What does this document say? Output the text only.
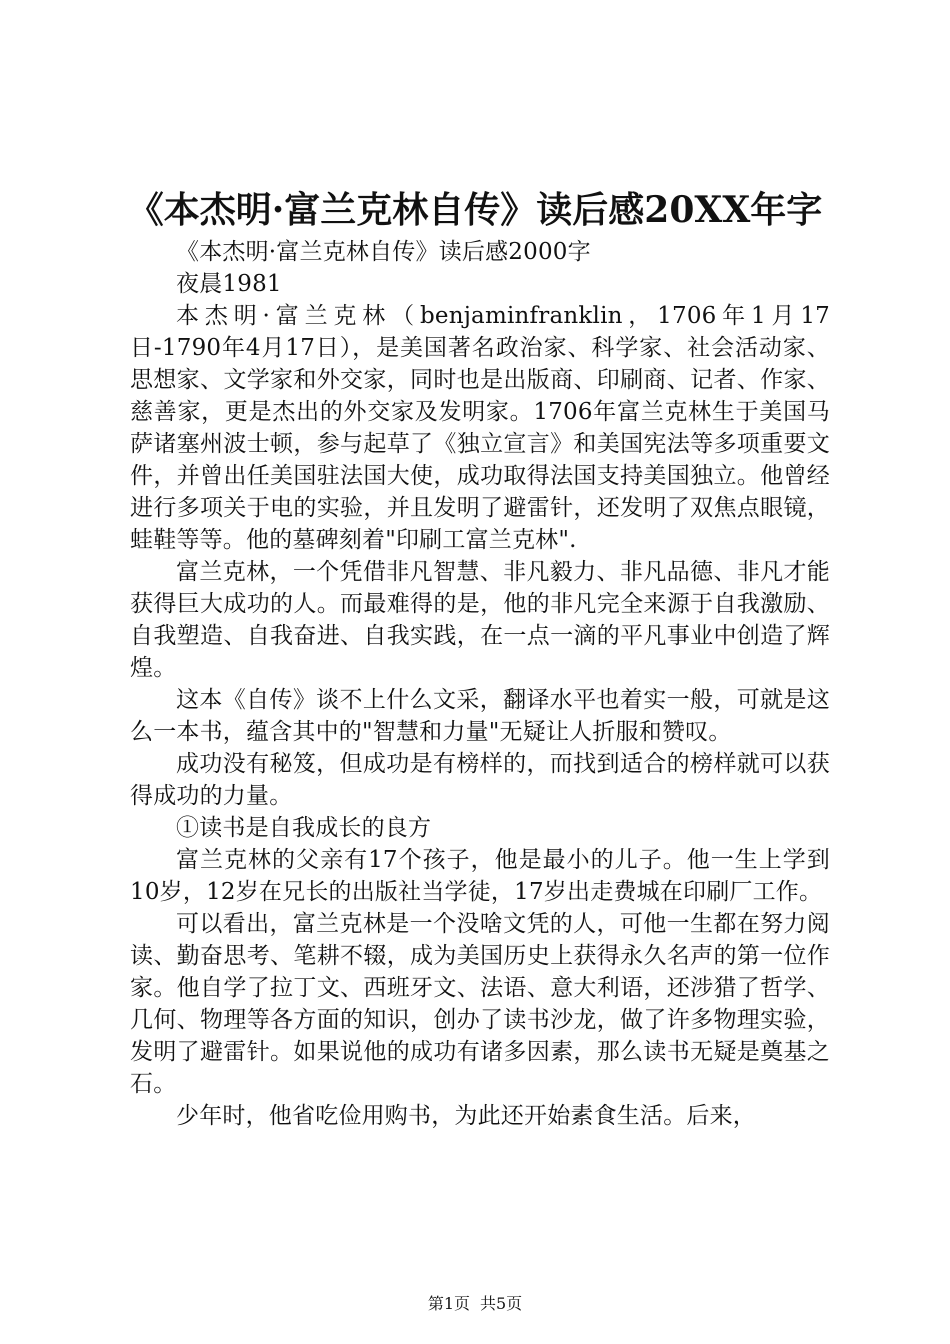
《本杰明·富兰克林自传》读后感20XX年字

《本杰明·富兰克林自传》读后感2000字

夜晨1981

本杰明·富兰克林（benjaminfranklin，1706年1月17日-1790年4月17日），是美国著名政治家、科学家、社会活动家、思想家、文学家和外交家，同时也是出版商、印刷商、记者、作家、慈善家，更是杰出的外交家及发明家。1706年富兰克林生于美国马萨诸塞州波士顿，参与起草了《独立宣言》和美国宪法等多项重要文件，并曾出任美国驻法国大使，成功取得法国支持美国独立。他曾经进行多项关于电的实验，并且发明了避雷针，还发明了双焦点眼镜，蛙鞋等等。他的墓碑刻着"印刷工富兰克林".

富兰克林，一个凭借非凡智慧、非凡毅力、非凡品德、非凡才能获得巨大成功的人。而最难得的是，他的非凡完全来源于自我激励、自我塑造、自我奋进、自我实践，在一点一滴的平凡事业中创造了辉煌。

这本《自传》谈不上什么文采，翻译水平也着实一般，可就是这么一本书，蕴含其中的"智慧和力量"无疑让人折服和赞叹。

成功没有秘笈，但成功是有榜样的，而找到适合的榜样就可以获得成功的力量。

①读书是自我成长的良方

富兰克林的父亲有17个孩子，他是最小的儿子。他一生上学到10岁，12岁在兄长的出版社当学徒，17岁出走费城在印刷厂工作。

可以看出，富兰克林是一个没啥文凭的人，可他一生都在努力阅读、勤奋思考、笔耕不辍，成为美国历史上获得永久名声的第一位作家。他自学了拉丁文、西班牙文、法语、意大利语，还涉猎了哲学、几何、物理等各方面的知识，创办了读书沙龙，做了许多物理实验，发明了避雷针。如果说他的成功有诸多因素，那么读书无疑是奠基之石。

少年时，他省吃俭用购书，为此还开始素食生活。后来，

第1页 共5页
